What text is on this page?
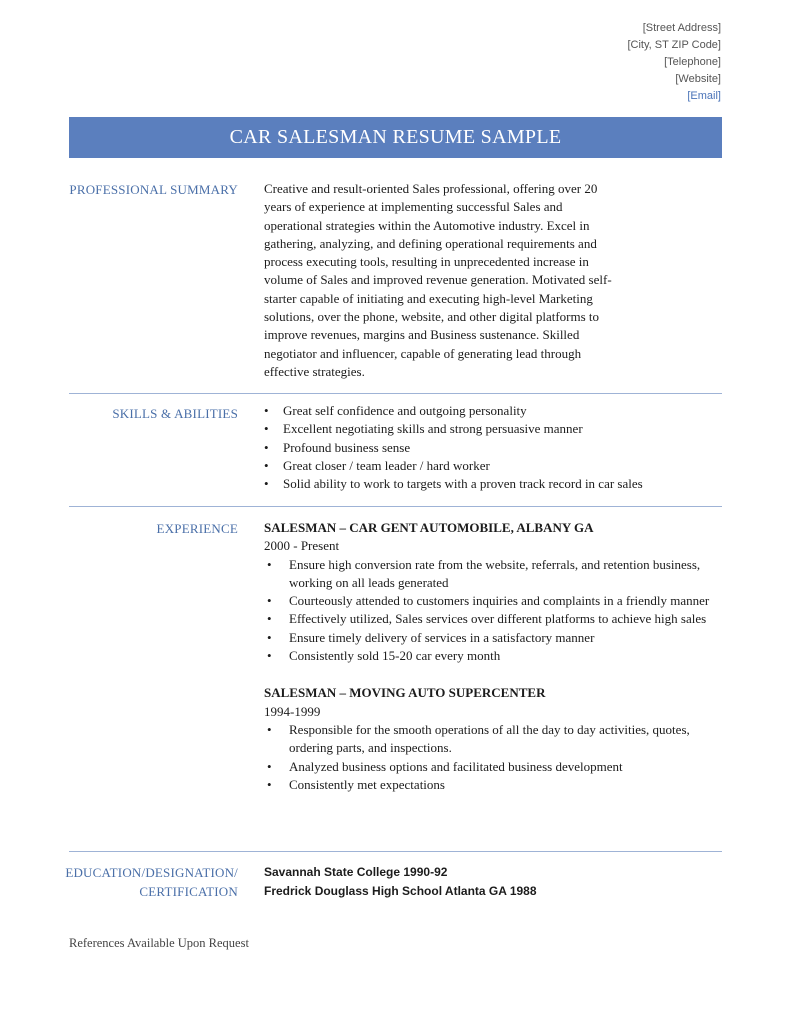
[Street Address]
[City, ST ZIP Code]
[Telephone]
[Website]
[Email]
CAR SALESMAN RESUME SAMPLE
PROFESSIONAL SUMMARY Creative and result-oriented Sales professional, offering over 20
years of experience at implementing successful Sales and
operational strategies within the Automotive industry. Excel in
gathering, analyzing, and defining operational requirements and
process executing tools, resulting in unprecedented increase in
volume of Sales and improved revenue generation. Motivated self-
starter capable of initiating and executing high-level Marketing
solutions, over the phone, website, and other digital platforms to
improve revenues, margins and Business sustenance. Skilled
negotiator and influencer, capable of generating lead through
effective strategies.
SKILLS & ABILITIES
•	Great self confidence and outgoing personality
• Excellent negotiating skills and strong persuasive manner
• Profound business sense
• Great closer / team leader / hard worker
• Solid ability to work to targets with a proven track record in car sales
EXPERIENCE SALESMAN – CAR GENT AUTOMOBILE, ALBANY GA
2000 - Present
• Ensure high conversion rate from the website, referrals, and retention business, working on all leads generated
• Courteously attended to customers inquiries and complaints in a friendly manner
• Effectively utilized, Sales services over different platforms to achieve high sales
• Ensure timely delivery of services in a satisfactory manner
• Consistently sold 15-20 car every month
SALESMAN – MOVING AUTO SUPERCENTER
1994-1999
• Responsible for the smooth operations of all the day to day activities, quotes, ordering parts, and inspections.
• Analyzed business options and facilitated business development
• Consistently met expectations
EDUCATION/DESIGNATION/
CERTIFICATION
Savannah State College 1990-92
Fredrick Douglass High School Atlanta GA 1988
References Available Upon Request
